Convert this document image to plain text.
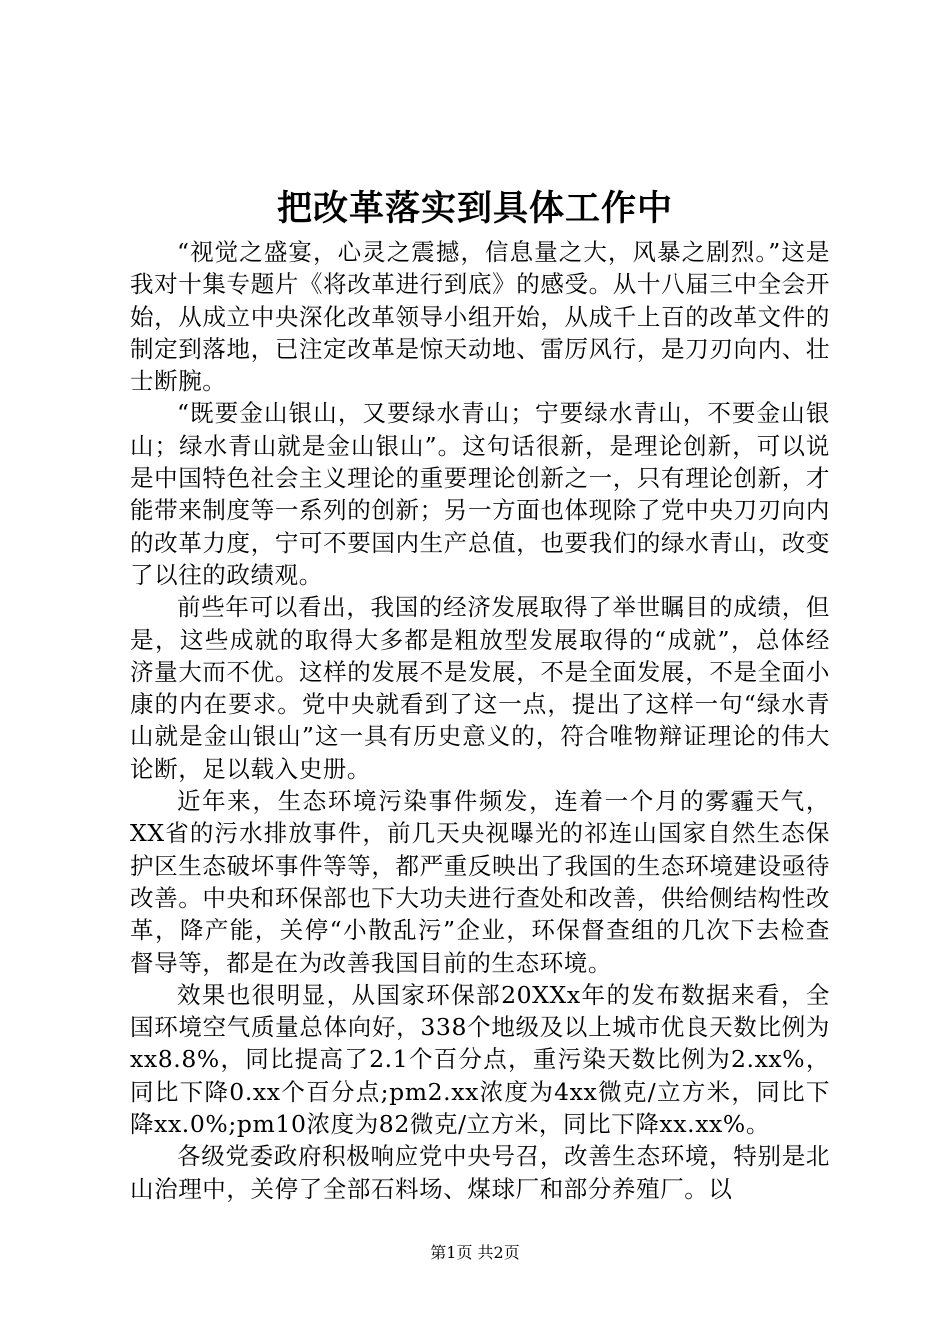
把改革落实到具体工作中

“视觉之盛宴，心灵之震撼，信息量之大，风暴之剧烈。”这是我对十集专题片《将改革进行到底》的感受。从十八届三中全会开始，从成立中央深化改革领导小组开始，从成千上百的改革文件的制定到落地，已注定改革是惊天动地、雷厉风行，是刀刃向内、壮士断腕。

“既要金山银山，又要绿水青山；宁要绿水青山，不要金山银山；绿水青山就是金山银山”。这句话很新，是理论创新，可以说是中国特色社会主义理论的重要理论创新之一，只有理论创新，才能带来制度等一系列的创新；另一方面也体现除了党中央刀刃向内的改革力度，宁可不要国内生产总值，也要我们的绿水青山，改变了以往的政绩观。

前些年可以看出，我国的经济发展取得了举世瞩目的成绩，但是，这些成就的取得大多都是粗放型发展取得的“成就”，总体经济量大而不优。这样的发展不是发展，不是全面发展，不是全面小康的内在要求。党中央就看到了这一点，提出了这样一句“绿水青山就是金山银山”这一具有历史意义的，符合唯物辩证理论的伟大论断，足以载入史册。

近年来，生态环境污染事件频发，连着一个月的雾霾天气，XX省的污水排放事件，前几天央视曝光的祁连山国家自然生态保护区生态破坏事件等等，都严重反映出了我国的生态环境建设亟待改善。中央和环保部也下大功夫进行查处和改善，供给侧结构性改革，降产能，关停“小散乱污”企业，环保督查组的几次下去检查督导等，都是在为改善我国目前的生态环境。

效果也很明显，从国家环保部20XXx年的发布数据来看，全国环境空气质量总体向好，338个地级及以上城市优良天数比例为xx8.8%，同比提高了2.1个百分点，重污染天数比例为2.xx%，同比下降0.xx个百分点;pm2.xx浓度为4xx微克/立方米，同比下降xx.0%;pm10浓度为82微克/立方米，同比下降xx.xx%。

各级党委政府积极响应党中央号召，改善生态环境，特别是北山治理中，关停了全部石料场、煤球厂和部分养殖厂。以

第1页 共2页
